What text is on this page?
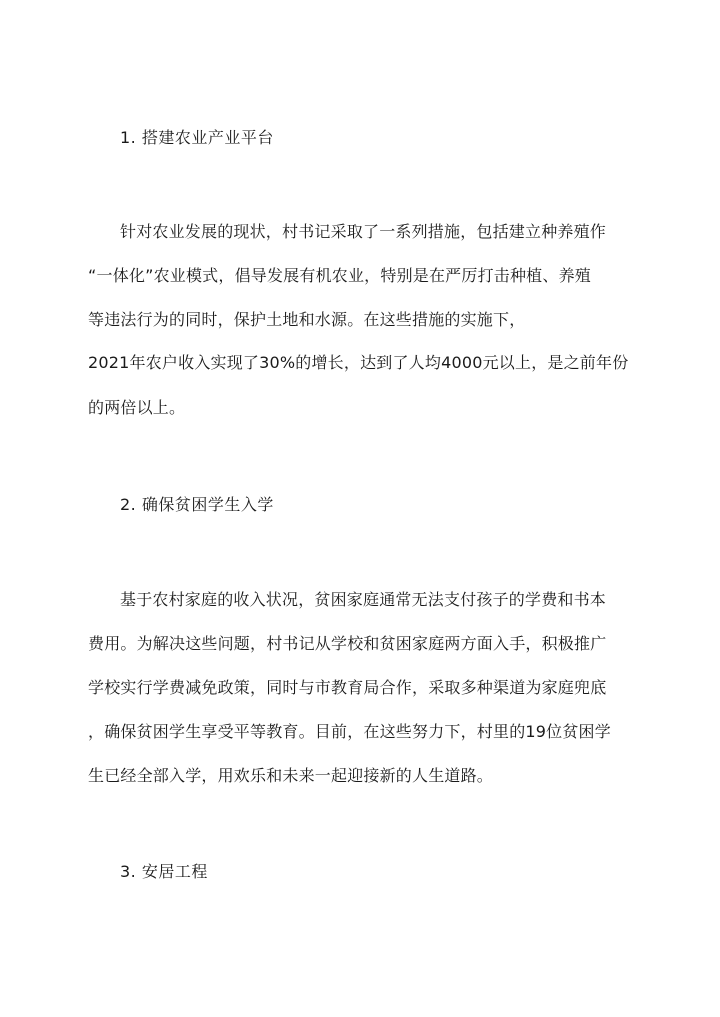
1. 搭建农业产业平台
针对农业发展的现状，村书记采取了一系列措施，包括建立种养殖作
“一体化”农业模式，倡导发展有机农业，特别是在严厉打击种植、养殖
等违法行为的同时，保护土地和水源。在这些措施的实施下，
2021年农户收入实现了30%的增长，达到了人均4000元以上，是之前年份
的两倍以上。
2. 确保贫困学生入学
基于农村家庭的收入状况，贫困家庭通常无法支付孩子的学费和书本
费用。为解决这些问题，村书记从学校和贫困家庭两方面入手，积极推广
学校实行学费减免政策，同时与市教育局合作，采取多种渠道为家庭兜底
，确保贫困学生享受平等教育。目前，在这些努力下，村里的19位贫困学
生已经全部入学，用欢乐和未来一起迎接新的人生道路。
3. 安居工程
